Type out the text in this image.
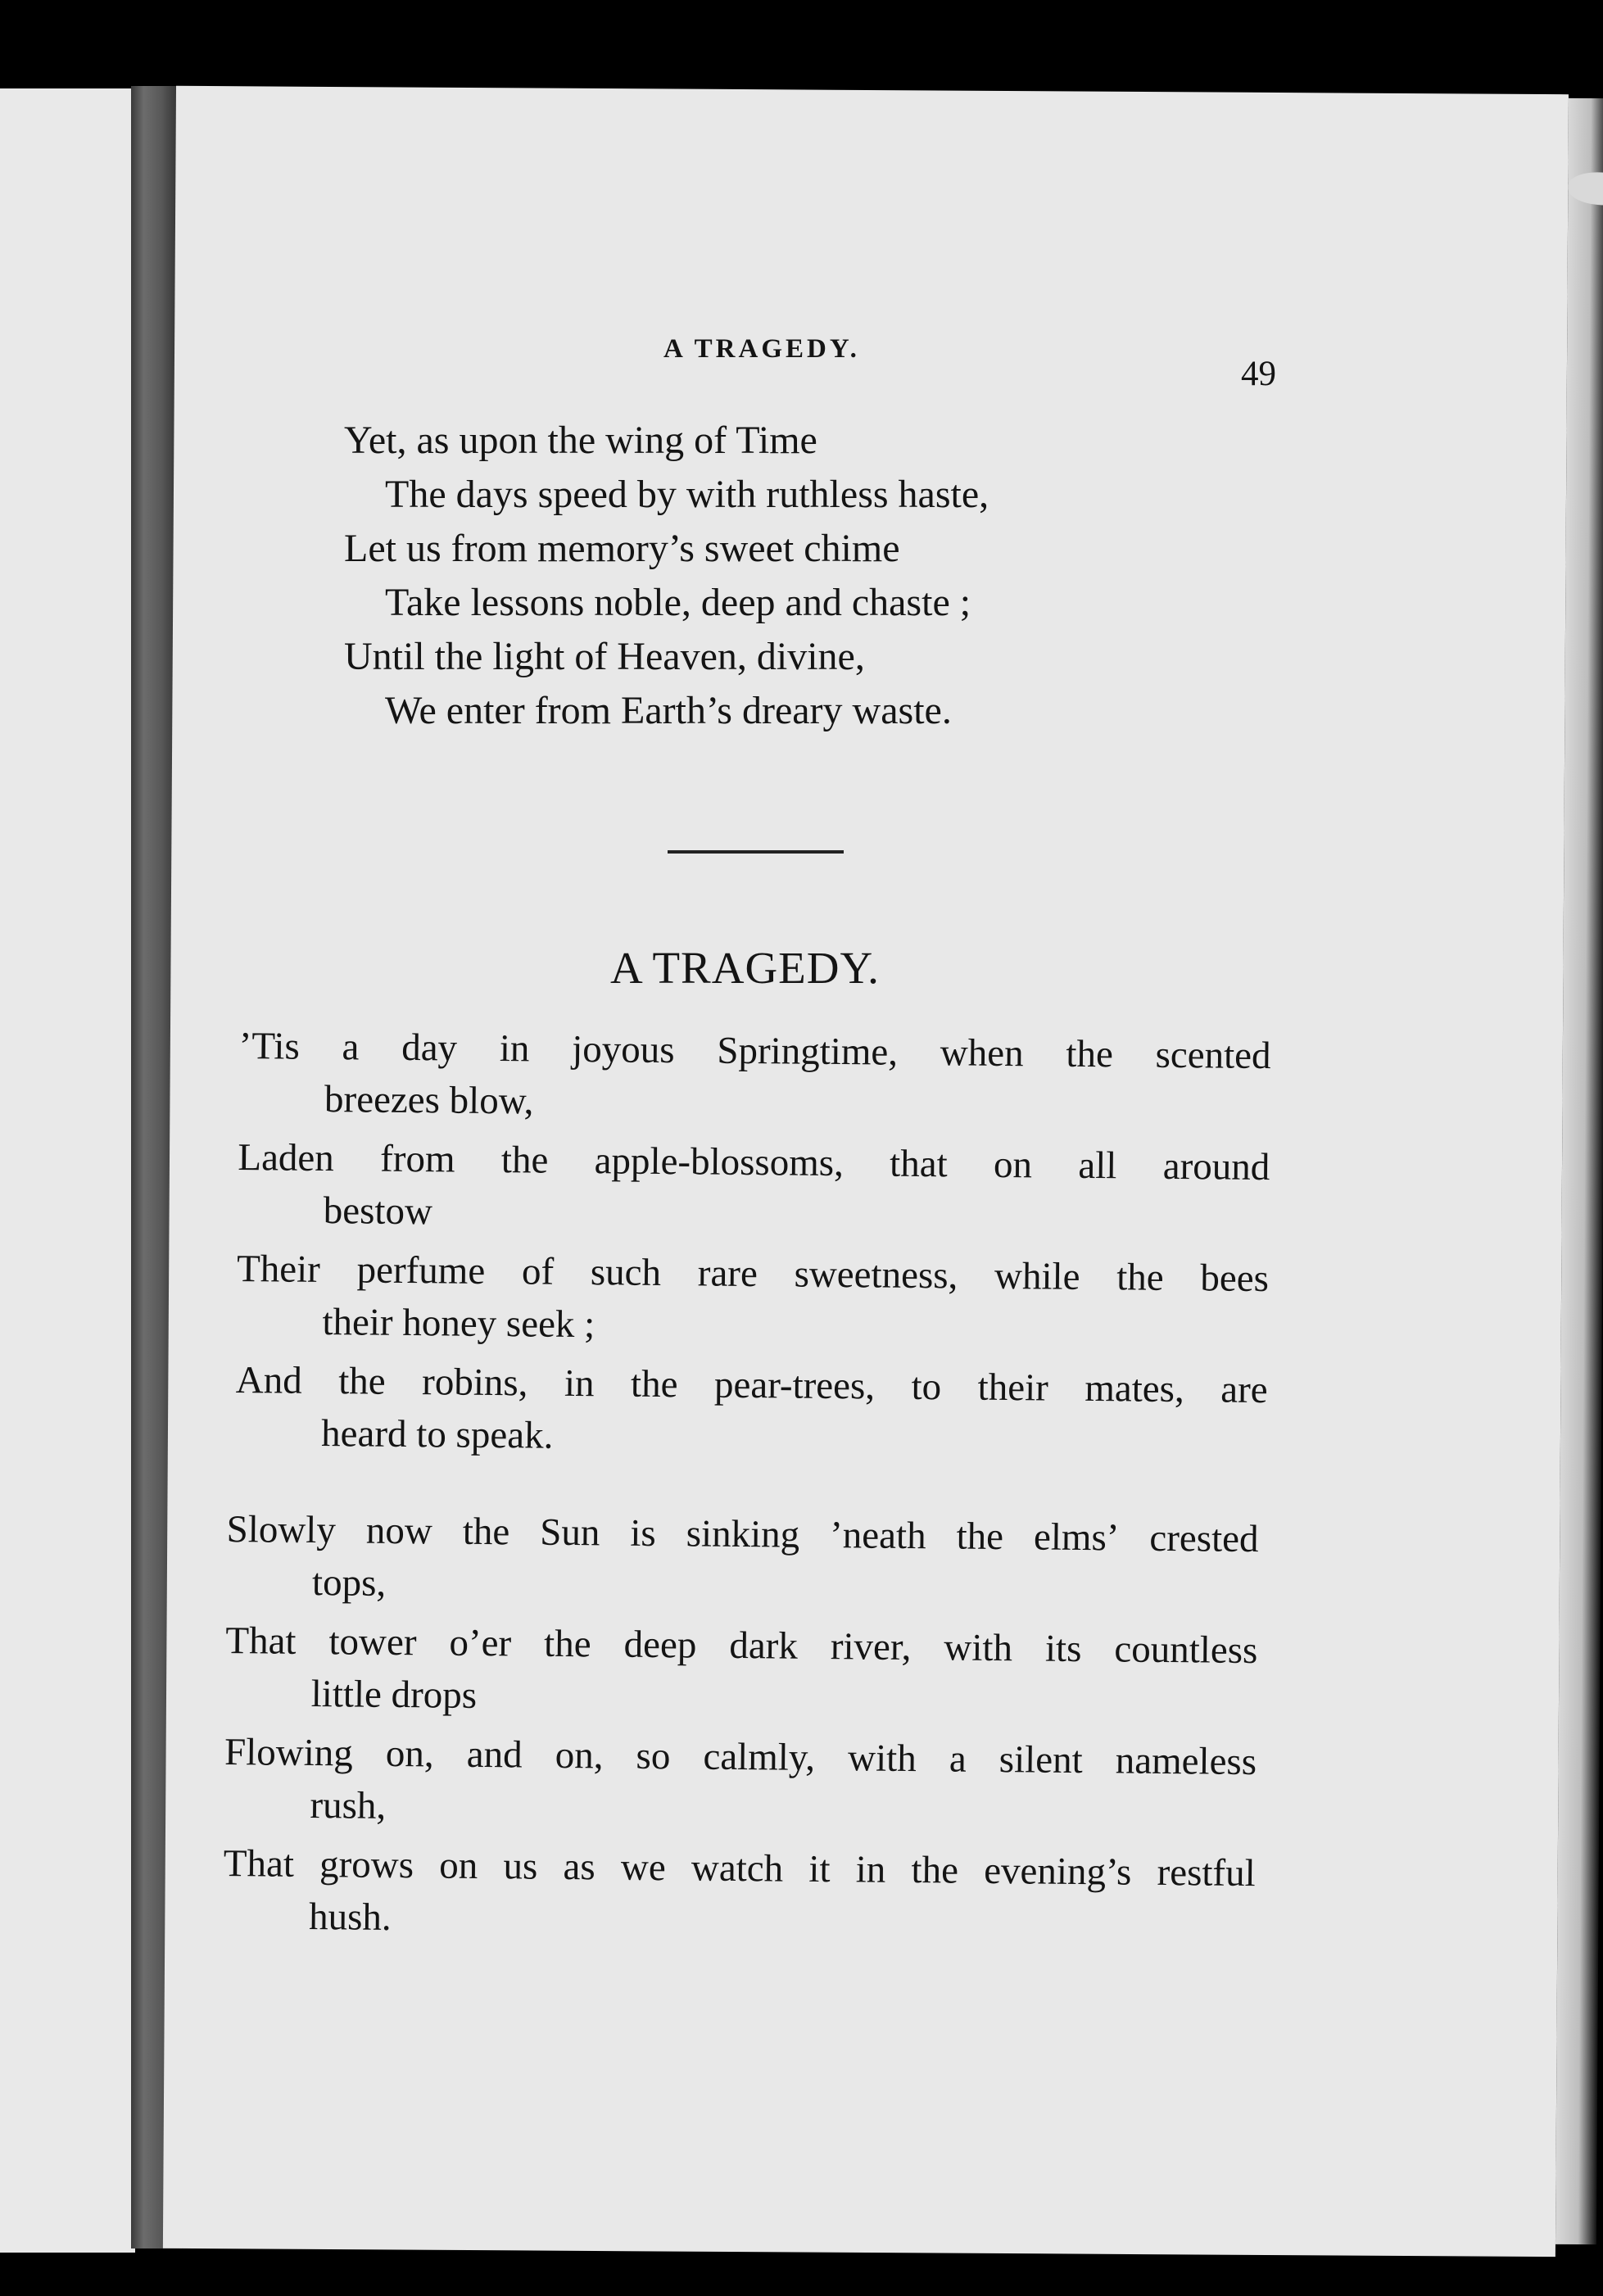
A TRAGEDY.
49
Yet, as upon the wing of Time
The days speed by with ruthless haste,
Let us from memory’s sweet chime
Take lessons noble, deep and chaste ;
Until the light of Heaven, divine,
We enter from Earth’s dreary waste.
A TRAGEDY.
’Tis a day in joyous Springtime, when the scented
breezes blow,
Laden from the apple-blossoms, that on all around
bestow
Their perfume of such rare sweetness, while the bees
their honey seek ;
And the robins, in the pear-trees, to their mates, are
heard to speak.
Slowly now the Sun is sinking ’neath the elms’ crested
tops,
That tower o’er the deep dark river, with its countless
little drops
Flowing on, and on, so calmly, with a silent nameless
rush,
That grows on us as we watch it in the evening’s restful
hush.
